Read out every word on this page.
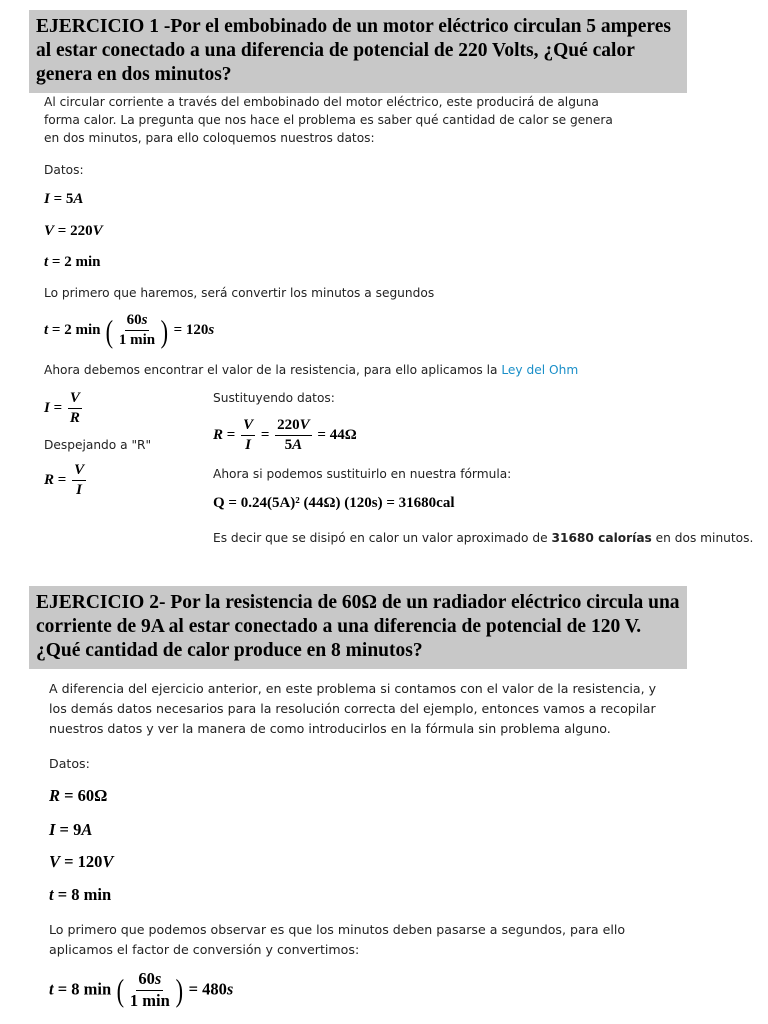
EJERCICIO 1 -Por el embobinado de un motor eléctrico circulan 5 amperes al estar conectado a una diferencia de potencial de 220 Volts, ¿Qué calor genera en dos minutos?
Al circular corriente a través del embobinado del motor eléctrico, este producirá de alguna forma calor. La pregunta que nos hace el problema es saber qué cantidad de calor se genera en dos minutos, para ello coloquemos nuestros datos:
Datos:
I = 5A
V = 220V
t = 2 min
Lo primero que haremos, será convertir los minutos a segundos
t = 2 min ( $\frac{60s}{1 \min}$ ) = 120s
Ahora debemos encontrar el valor de la resistencia, para ello aplicamos la Ley del Ohm
$I = \frac{V}{R}$
Despejando a "R"
$R = \frac{V}{I}$
Sustituyendo datos:
$R = \frac{V}{I} = \frac{220V}{5A} = 44\Omega$
Ahora si podemos sustituirlo en nuestra fórmula:
Q = 0.24(5A)² (44Ω) (120s) = 31680cal
Es decir que se disipó en calor un valor aproximado de 31680 calorías en dos minutos.
EJERCICIO 2- Por la resistencia de 60Ω de un radiador eléctrico circula una corriente de 9A al estar conectado a una diferencia de potencial de 120 V. ¿Qué cantidad de calor produce en 8 minutos?
A diferencia del ejercicio anterior, en este problema si contamos con el valor de la resistencia, y los demás datos necesarios para la resolución correcta del ejemplo, entonces vamos a recopilar nuestros datos y ver la manera de como introducirlos en la fórmula sin problema alguno.
Datos:
R = 60Ω
I = 9A
V = 120V
t = 8 min
Lo primero que podemos observar es que los minutos deben pasarse a segundos, para ello aplicamos el factor de conversión y convertimos:
t = 8 min ( $\frac{60s}{1 \min}$ ) = 480s
